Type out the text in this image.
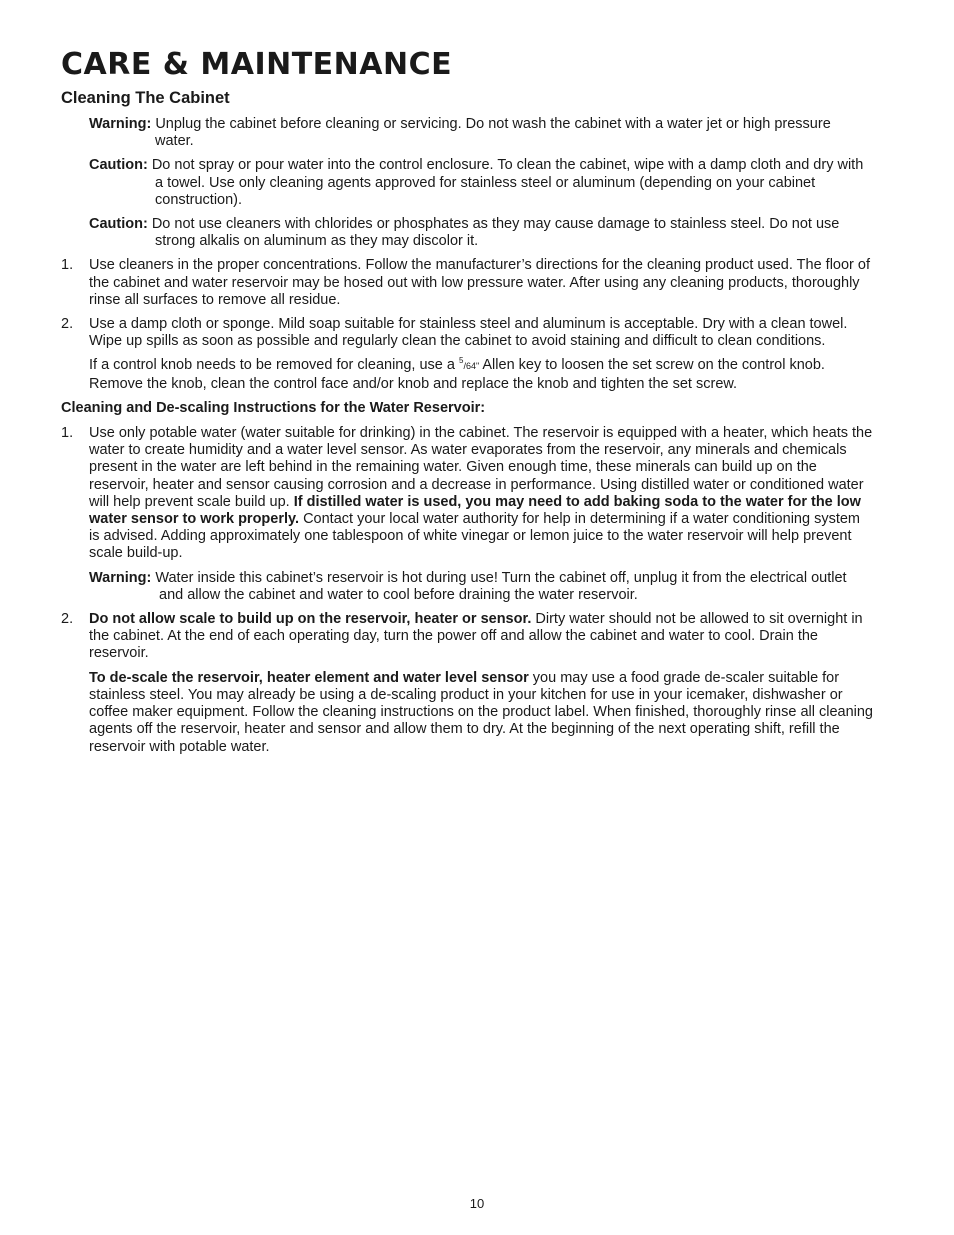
CARE & MAINTENANCE
Cleaning The Cabinet

Warning: Unplug the cabinet before cleaning or servicing. Do not wash the cabinet with a water jet or high pressure water.

Caution: Do not spray or pour water into the control enclosure. To clean the cabinet, wipe with a damp cloth and dry with a towel. Use only cleaning agents approved for stainless steel or aluminum (depending on your cabinet construction).

Caution: Do not use cleaners with chlorides or phosphates as they may cause damage to stainless steel. Do not use strong alkalis on aluminum as they may discolor it.

1. Use cleaners in the proper concentrations. Follow the manufacturer’s directions for the cleaning product used. The floor of the cabinet and water reservoir may be hosed out with low pressure water. After using any cleaning products, thoroughly rinse all surfaces to remove all residue.
2. Use a damp cloth or sponge. Mild soap suitable for stainless steel and aluminum is acceptable. Dry with a clean towel. Wipe up spills as soon as possible and regularly clean the cabinet to avoid staining and difficult to clean conditions.

If a control knob needs to be removed for cleaning, use a $^5$/64" Allen key to loosen the set screw on the control knob. Remove the knob, clean the control face and/or knob and replace the knob and tighten the set screw.

Cleaning and De-scaling Instructions for the Water Reservoir:
1. Use only potable water (water suitable for drinking) in the cabinet. The reservoir is equipped with a heater, which heats the water to create humidity and a water level sensor. As water evaporates from the reservoir, any minerals and chemicals present in the water are left behind in the remaining water. Given enough time, these minerals can build up on the reservoir, heater and sensor causing corrosion and a decrease in performance. Using distilled water or conditioned water will help prevent scale build up. If distilled water is used, you may need to add baking soda to the water for the low water sensor to work properly. Contact your local water authority for help in determining if a water conditioning system is advised. Adding approximately one tablespoon of white vinegar or lemon juice to the water reservoir will help prevent scale build-up.

Warning: Water inside this cabinet’s reservoir is hot during use! Turn the cabinet off, unplug it from the electrical outlet and allow the cabinet and water to cool before draining the water reservoir.

2. Do not allow scale to build up on the reservoir, heater or sensor. Dirty water should not be allowed to sit overnight in the cabinet. At the end of each operating day, turn the power off and allow the cabinet and water to cool. Drain the reservoir.

To de-scale the reservoir, heater element and water level sensor you may use a food grade de-scaler suitable for stainless steel. You may already be using a de-scaling product in your kitchen for use in your icemaker, dishwasher or coffee maker equipment. Follow the cleaning instructions on the product label. When finished, thoroughly rinse all cleaning agents off the reservoir, heater and sensor and allow them to dry. At the beginning of the next operating shift, refill the reservoir with potable water.

10
